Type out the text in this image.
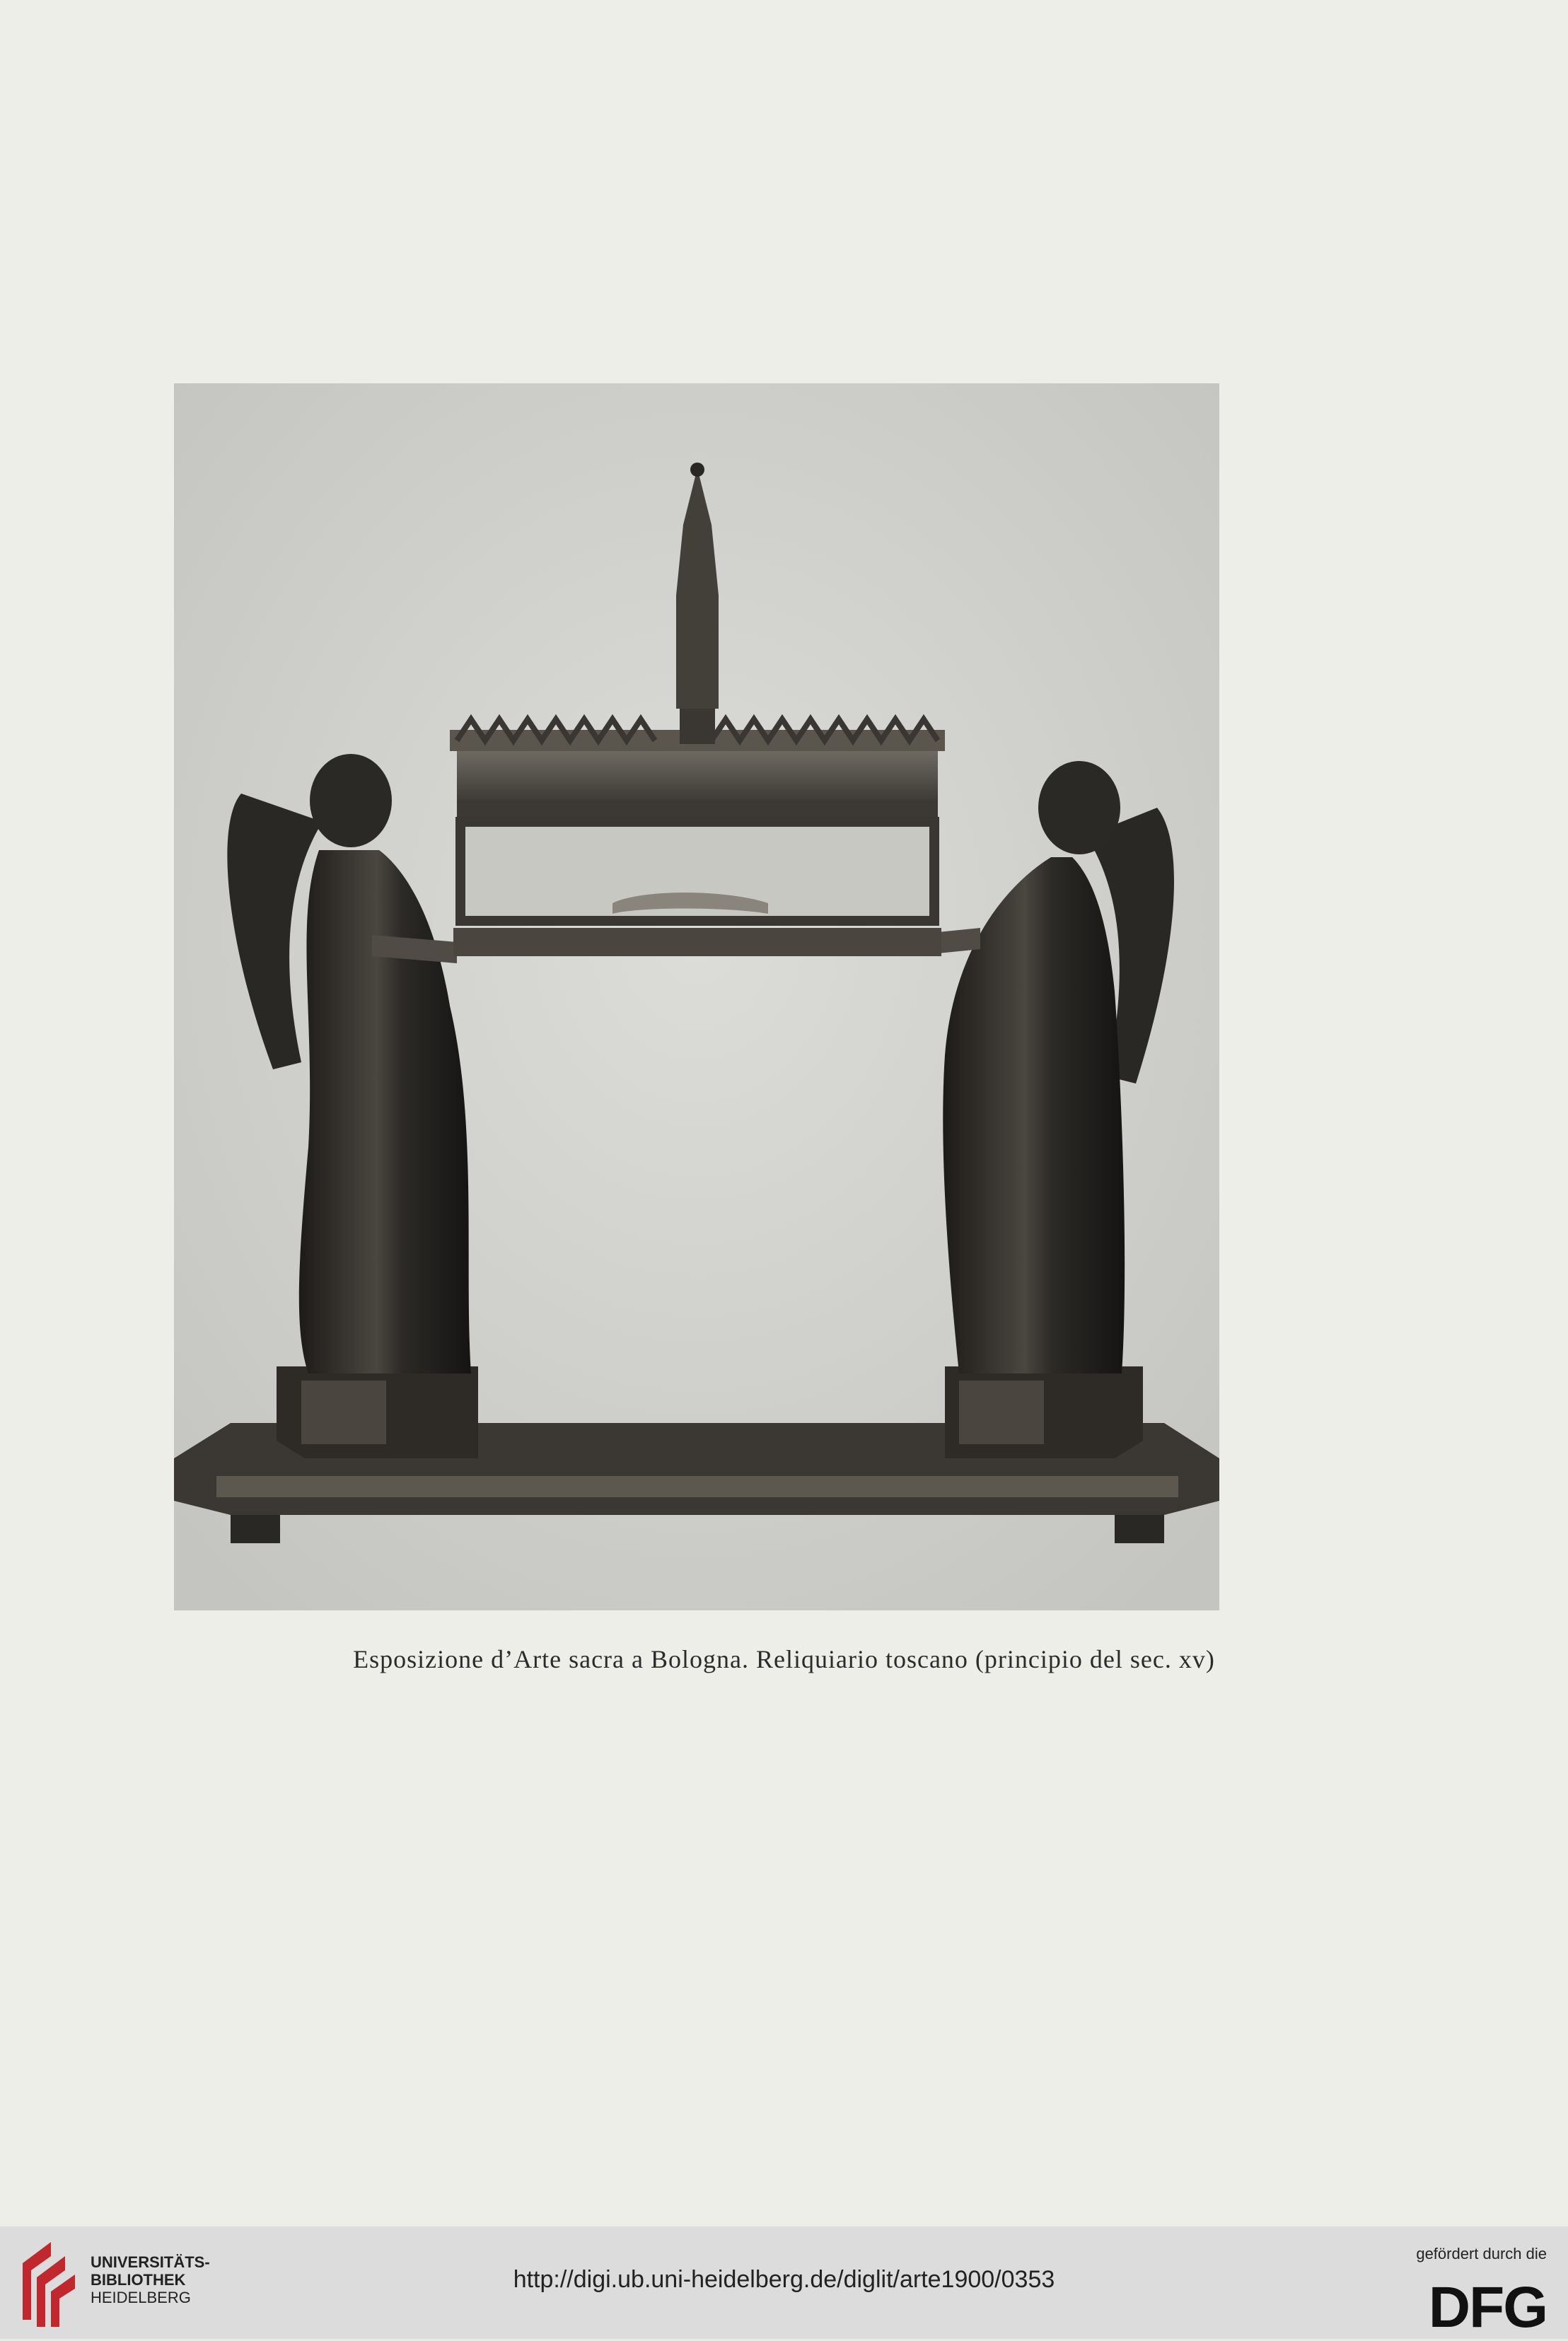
Esposizione d’Arte sacra a Bologna. Reliquiario toscano (principio del sec. xv)
UNIVERSITÄTS-
BIBLIOTHEK
HEIDELBERG
http://digi.ub.uni-heidelberg.de/diglit/arte1900/0353
gefördert durch die
DFG
